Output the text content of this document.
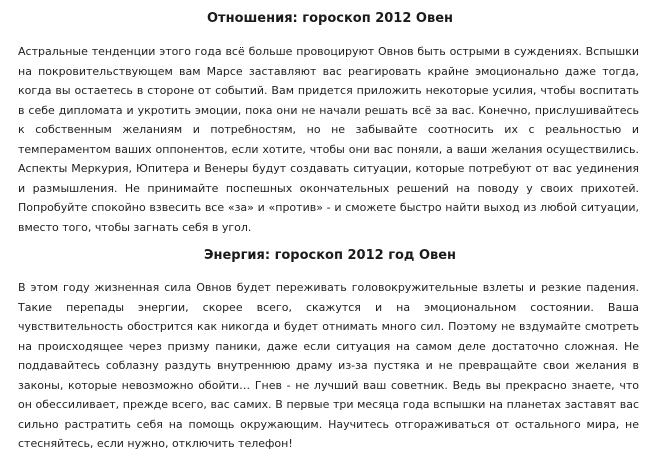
Отношения: гороскоп 2012 Овен

Астральные тенденции этого года всё больше провоцируют Овнов быть острыми в суждениях. Вспышки на покровительствующем вам Марсе заставляют вас реагировать крайне эмоционально даже тогда, когда вы остаетесь в стороне от событий. Вам придется приложить некоторые усилия, чтобы воспитать в себе дипломата и укротить эмоции, пока они не начали решать всё за вас. Конечно, прислушивайтесь к собственным желаниям и потребностям, но не забывайте соотносить их с реальностью и темпераментом ваших оппонентов, если хотите, чтобы они вас поняли, а ваши желания осуществились. Аспекты Меркурия, Юпитера и Венеры будут создавать ситуации, которые потребуют от вас уединения и размышления. Не принимайте поспешных окончательных решений на поводу у своих прихотей. Попробуйте спокойно взвесить все «за» и «против» - и сможете быстро найти выход из любой ситуации, вместо того, чтобы загнать себя в угол.

Энергия: гороскоп 2012 год Овен

В этом году жизненная сила Овнов будет переживать головокружительные взлеты и резкие падения. Такие перепады энергии, скорее всего, скажутся и на эмоциональном состоянии. Ваша чувствительность обострится как никогда и будет отнимать много сил. Поэтому не вздумайте смотреть на происходящее через призму паники, даже если ситуация на самом деле достаточно сложная. Не поддавайтесь соблазну раздуть внутреннюю драму из-за пустяка и не превращайте свои желания в законы, которые невозможно обойти… Гнев - не лучший ваш советник. Ведь вы прекрасно знаете, что он обессиливает, прежде всего, вас самих. В первые три месяца года вспышки на планетах заставят вас сильно растратить себя на помощь окружающим. Научитесь отгораживаться от остального мира, не стесняйтесь, если нужно, отключить телефон!
